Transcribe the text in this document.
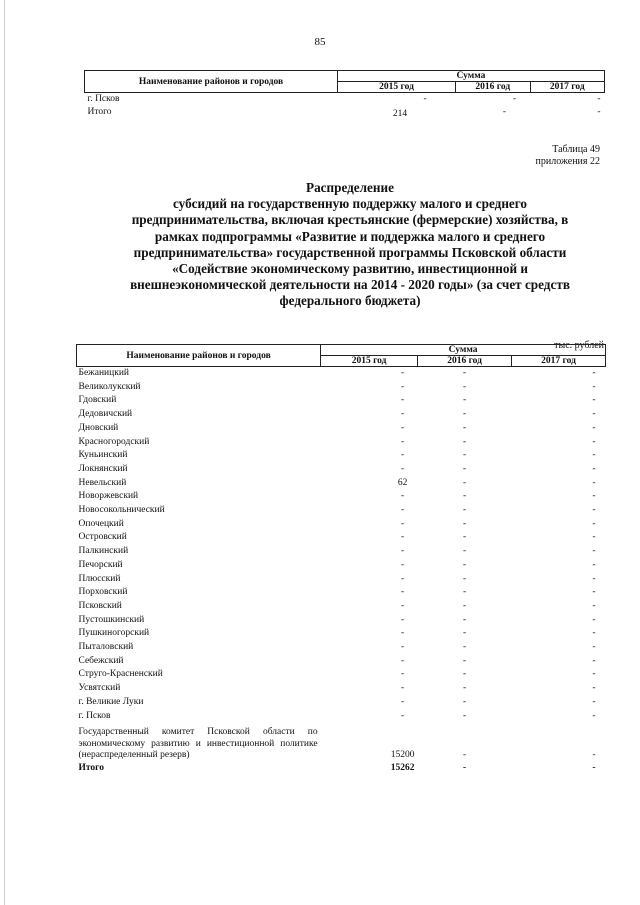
85
Наименование районов и городов	Сумма		
	2015 год	2016 год	2017 год
г. Псков	-	-	-
Итого	214	-	-
Таблица 49
приложения 22
Распределение
субсидий на государственную поддержку малого и среднего
предпринимательства, включая крестьянские (фермерские) хозяйства, в
рамках подпрограммы «Развитие и поддержка малого и среднего
предпринимательства» государственной программы Псковской области
«Содействие экономическому развитию, инвестиционной и
внешнеэкономической деятельности на 2014 - 2020 годы» (за счет средств
федерального бюджета)
тыс. рублей
Наименование районов и городов	Сумма		
	2015 год	2016 год	2017 год
Бежаницкий	-	-	-
Великолукский	-	-	-
Гдовский	-	-	-
Дедовичский	-	-	-
Дновский	-	-	-
Красногородский	-	-	-
Куньинский	-	-	-
Локнянский	-	-	-
Невельский	62	-	-
Новоржевский	-	-	-
Новосокольнический	-	-	-
Опочецкий	-	-	-
Островский	-	-	-
Палкинский	-	-	-
Печорский	-	-	-
Плюсский	-	-	-
Порховский	-	-	-
Псковский	-	-	-
Пустошкинский	-	-	-
Пушкиногорский	-	-	-
Пыталовский	-	-	-
Себежский	-	-	-
Струго-Красненский	-	-	-
Усвятский	-	-	-
г. Великие Луки	-	-	-
г. Псков	-	-	-
Государственный комитет Псковской области по экономическому развитию и инвестиционной политике (нераспределенный резерв)	15200	-	-
Итого	15262	-	-
